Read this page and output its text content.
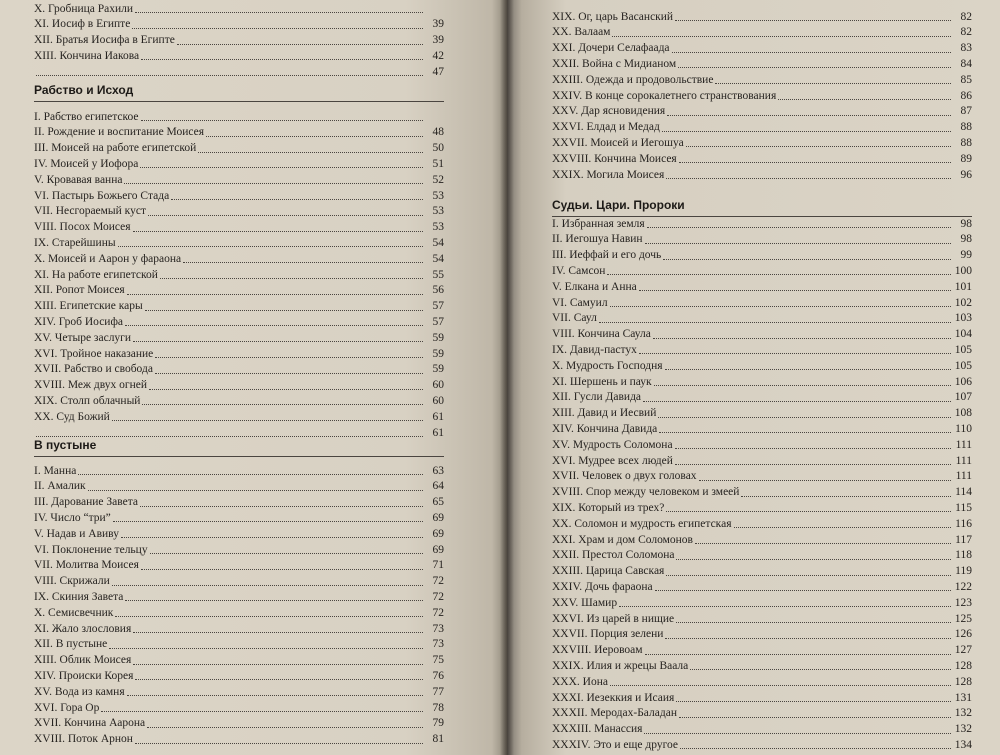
X. Гробница Рахили
XI. Иосиф в Египте	39
XII. Братья Иосифа в Египте	39
XIII. Кончина Иакова	42
47
Рабство и Исход
I. Рабство египетское
II. Рождение и воспитание Моисея	48
III. Моисей на работе египетской	50
IV. Моисей у Иофора	51
V. Кровавая ванна	52
VI. Пастырь Божьего Стада	53
VII. Несгораемый куст	53
VIII. Посох Моисея	53
IX. Старейшины	54
X. Моисей и Аарон у фараона	54
XI. На работе египетской	55
XII. Ропот Моисея	56
XIII. Египетские кары	57
XIV. Гроб Иосифа	57
XV. Четыре заслуги	59
XVI. Тройное наказание	59
XVII. Рабство и свобода	59
XVIII. Меж двух огней	60
XIX. Столп облачный	60
XX. Суд Божий	61
61
В пустыне
I. Манна	63
II. Амалик	64
III. Дарование Завета	65
IV. Число “три”	69
V. Надав и Авиву	69
VI. Поклонение тельцу	69
VII. Молитва Моисея	71
VIII. Скрижали	72
IX. Скиния Завета	72
X. Семисвечник	72
XI. Жало злословия	73
XII. В пустыне	73
XIII. Облик Моисея	75
XIV. Происки Корея	76
XV. Вода из камня	77
XVI. Гора Ор	78
XVII. Кончина Аарона	79
XVIII. Поток Арнон	81
XIX. Ог, царь Васанский	82
XX. Валаам	82
XXI. Дочери Селафаада	83
XXII. Война с Мидианом	84
XXIII. Одежда и продовольствие	85
XXIV. В конце сорокалетнего странствования	86
XXV. Дар ясновидения	87
XXVI. Елдад и Медад	88
XXVII. Моисей и Иегошуа	88
XXVIII. Кончина Моисея	89
XXIX. Могила Моисея	96
Судьи. Цари. Пророки
I. Избранная земля	98
II. Иегошуа Навин	98
III. Иеффай и его дочь	99
IV. Самсон	100
V. Елкана и Анна	101
VI. Самуил	102
VII. Саул	103
VIII. Кончина Саула	104
IX. Давид-пастух	105
X. Мудрость Господня	105
XI. Шершень и паук	106
XII. Гусли Давида	107
XIII. Давид и Иесвий	108
XIV. Кончина Давида	110
XV. Мудрость Соломона	111
XVI. Мудрее всех людей	111
XVII. Человек о двух головах	111
XVIII. Спор между человеком и змеей	114
XIX. Который из трех?	115
XX. Соломон и мудрость египетская	116
XXI. Храм и дом Соломонов	117
XXII. Престол Соломона	118
XXIII. Царица Савская	119
XXIV. Дочь фараона	122
XXV. Шамир	123
XXVI. Из царей в нищие	125
XXVII. Порция зелени	126
XXVIII. Иеровоам	127
XXIX. Илия и жрецы Ваала	128
XXX. Иона	128
XXXI. Иезеккия и Исаия	131
XXXII. Меродах-Баладан	132
XXXIII. Манассия	132
XXXIV. Это и еще другое	134
